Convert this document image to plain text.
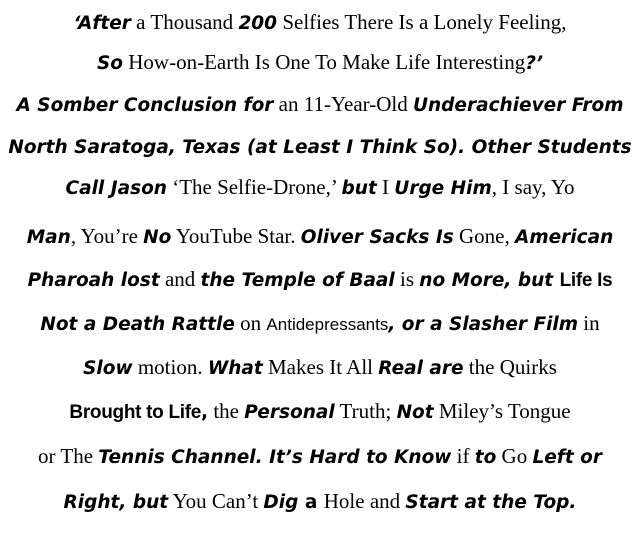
‘After a Thousand 200 Selfies There Is a Lonely Feeling,
So How-on-Earth Is One To Make Life Interesting?’
A Somber Conclusion for an 11-Year-Old Underachiever From
North Saratoga, Texas (at Least I Think So). Other Students
Call Jason ‘The Selfie-Drone,’ but I Urge Him, I say, Yo
Man, You’re No YouTube Star. Oliver Sacks Is Gone, American
Pharoah lost and the Temple of Baal is no More, but Life Is
Not a Death Rattle on Antidepressants, or a Slasher Film in
Slow motion. What Makes It All Real are the Quirks
Brought to Life, the Personal Truth; Not Miley’s Tongue
or The Tennis Channel. It’s Hard to Know if to Go Left or
Right, but You Can’t Dig a Hole and Start at the Top.
